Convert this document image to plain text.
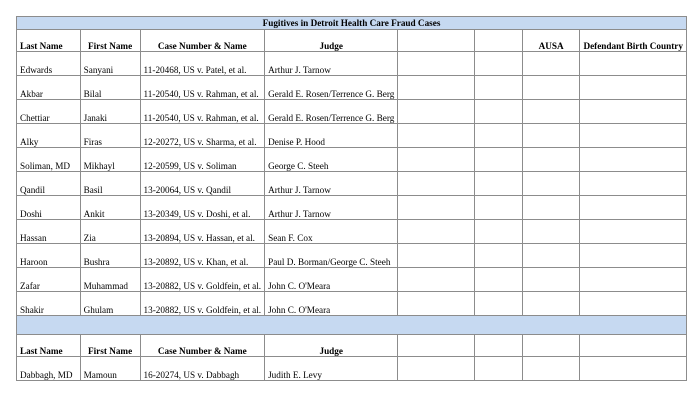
Fugitives in Detroit Health Care Fraud Cases							
Last Name	First Name	Case Number & Name	Judge			AUSA	Defendant Birth Country
Edwards	Sanyani	11-20468, US v. Patel, et al.	Arthur J. Tarnow				
Akbar	Bilal	11-20540, US v. Rahman, et al.	Gerald E. Rosen/Terrence G. Berg				
Chettiar	Janaki	11-20540, US v. Rahman, et al.	Gerald E. Rosen/Terrence G. Berg				
Alky	Firas	12-20272, US v. Sharma, et al.	Denise P. Hood				
Soliman, MD	Mikhayl	12-20599, US v. Soliman	George C. Steeh				
Qandil	Basil	13-20064, US v. Qandil	Arthur J. Tarnow				
Doshi	Ankit	13-20349, US v. Doshi, et al.	Arthur J. Tarnow				
Hassan	Zia	13-20894, US v. Hassan, et al.	Sean F. Cox				
Haroon	Bushra	13-20892, US v. Khan, et al.	Paul D. Borman/George C. Steeh				
Zafar	Muhammad	13-20882, US v. Goldfein, et al.	John C. O'Meara				
Shakir	Ghulam	13-20882, US v. Goldfein, et al.	John C. O'Meara				

Last Name	First Name	Case Number & Name	Judge				
Dabbagh, MD	Mamoun	16-20274, US v. Dabbagh	Judith E. Levy				
